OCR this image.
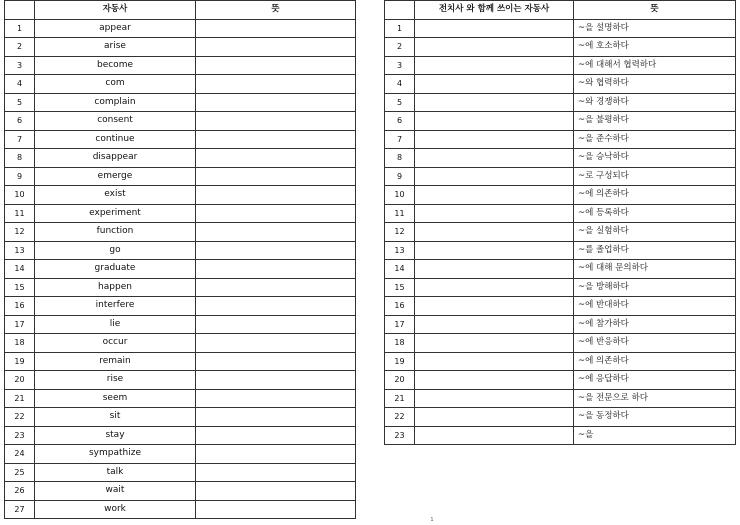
	자동사	뜻
1	appear	
2	arise	
3	become	
4	com	
5	complain	
6	consent	
7	continue	
8	disappear	
9	emerge	
10	exist	
11	experiment	
12	function	
13	go	
14	graduate	
15	happen	
16	interfere	
17	lie	
18	occur	
19	remain	
20	rise	
21	seem	
22	sit	
23	stay	
24	sympathize	
25	talk	
26	wait	
27	work	
	전치사 와 함께 쓰이는 자동사	뜻
1		~을 설명하다
2		~에 호소하다
3		~에 대해서 협력하다
4		~와 협력하다
5		~와 경쟁하다
6		~을 불평하다
7		~을 준수하다
8		~을 승낙하다
9		~로 구성되다
10		~에 의존하다
11		~에 등록하다
12		~을 실험하다
13		~를 졸업하다
14		~에 대해 문의하다
15		~을 방해하다
16		~에 반대하다
17		~에 참가하다
18		~에 반응하다
19		~에 의존하다
20		~에 응답하다
21		~을 전문으로 하다
22		~을 동정하다
23		~을
1
